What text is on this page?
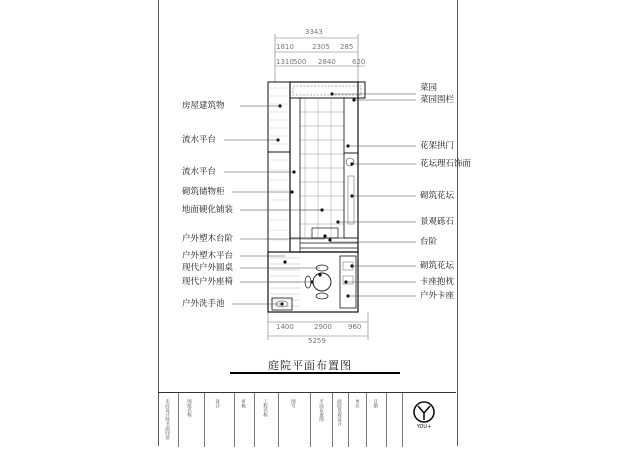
3343
1810	2305 285
1310 500 2840 620
1400	2900 960
5259
房屋建筑物
流水平台
流水平台
砌筑储物柜
地面硬化铺装
户外塑木台阶
户外塑木平台
现代户外圆桌
现代户外座椅
户外洗手池
菜园
菜园围栏
花架拱门
花坛理石饰面
砌筑花坛
景观砾石
台阶
砌筑花坛
卡座抱枕
户外卡座
庭院平面布置图
未经设计师书面同意	图纸名称	设计	审核	工程名称	图号	平面布置图	庭院景观设计	单位	日期
YOU+
